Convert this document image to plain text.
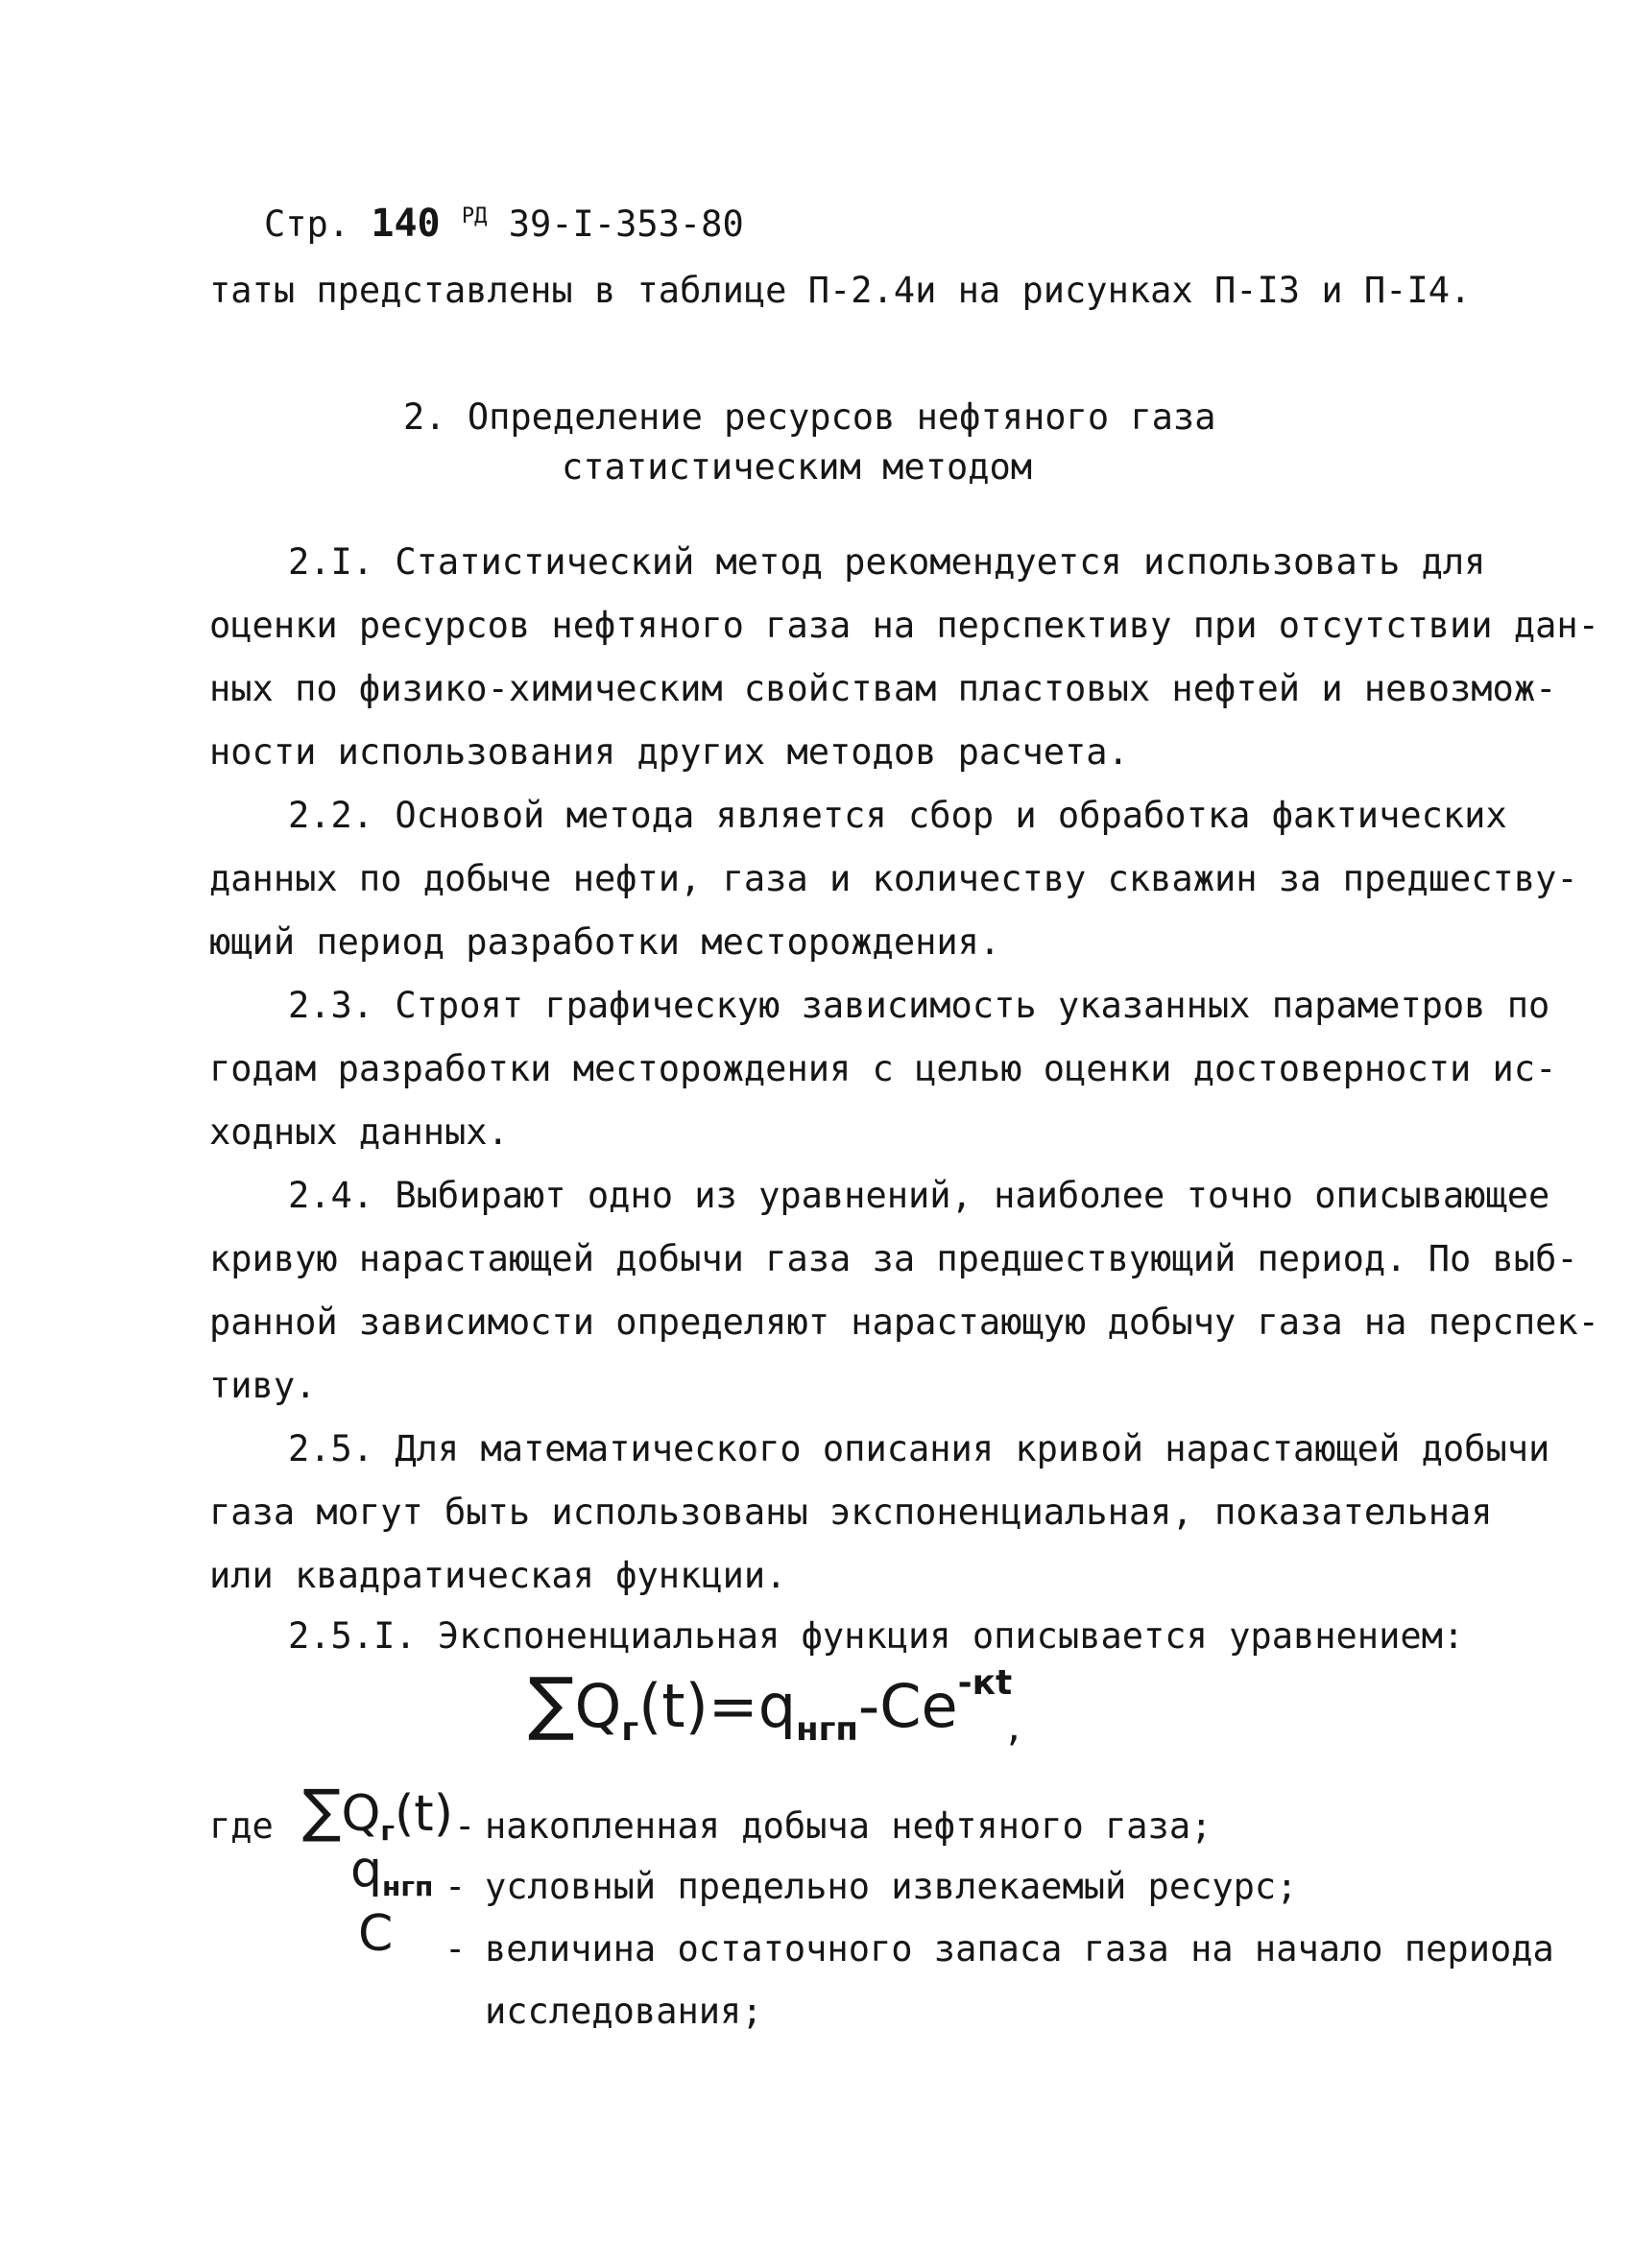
Стр. 140 $^{РД}$ 39-I-353-80
таты представлены в таблице П-2.4и на рисунках П-I3 и П-I4.
2. Определение ресурсов нефтяного газа
статистическим методом
2.I. Статистический метод рекомендуется использовать для
оценки ресурсов нефтяного газа на перспективу при отсутствии дан-
ных по физико-химическим свойствам пластовых нефтей и невозмож-
ности использования других методов расчета.
2.2. Основой метода является сбор и обработка фактических
данных по добыче нефти, газа и количеству скважин за предшеству-
ющий период разработки месторождения.
2.3. Строят графическую зависимость указанных параметров по
годам разработки месторождения с целью оценки достоверности ис-
ходных данных.
2.4. Выбирают одно из уравнений, наиболее точно описывающее
кривую нарастающей добычи газа за предшествующий период. По выб-
ранной зависимости определяют нарастающую добычу газа на перспек-
тиву.
2.5. Для математического описания кривой нарастающей добычи
газа могут быть использованы экспоненциальная, показательная
или квадратическая функции.
2.5.I. Экспоненциальная функция описывается уравнением:
∑Qг(t)=qнгп-Ce-кt
,
где ∑Qг(t) - накопленная добыча нефтяного газа;
qнгп - условный предельно извлекаемый ресурс;
C - величина остаточного запаса газа на начало периода
исследования;
